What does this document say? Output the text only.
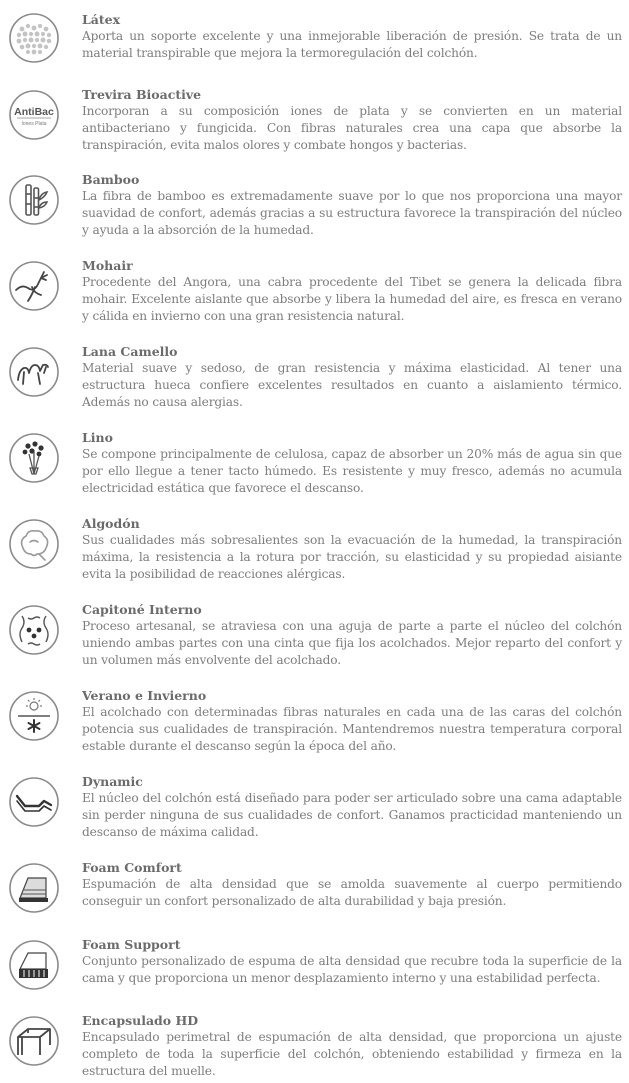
Látex
Aporta un soporte excelente y una inmejorable liberación de presión. Se trata de un material transpirable que mejora la termoregulación del colchón.
AntiBac
Iones Plata
Trevira Bioactive
Incorporan a su composición iones de plata y se convierten en un material antibacteriano y fungicida. Con fibras naturales crea una capa que absorbe la transpiración, evita malos olores y combate hongos y bacterias.
Bamboo
La fibra de bamboo es extremadamente suave por lo que nos proporciona una mayor suavidad de confort, además gracias a su estructura favorece la transpiración del núcleo y ayuda a la absorción de la humedad.
Mohair
Procedente del Angora, una cabra procedente del Tibet se genera la delicada fibra mohair. Excelente aislante que absorbe y libera la humedad del aire, es fresca en verano y cálida en invierno con una gran resistencia natural.
Lana Camello
Material suave y sedoso, de gran resistencia y máxima elasticidad. Al tener una estructura hueca confiere excelentes resultados en cuanto a aislamiento térmico. Además no causa alergias.
Lino
Se compone principalmente de celulosa, capaz de absorber un 20% más de agua sin que por ello llegue a tener tacto húmedo. Es resistente y muy fresco, además no acumula electricidad estática que favorece el descanso.
Algodón
Sus cualidades más sobresalientes son la evacuación de la humedad, la transpiración máxima, la resistencia a la rotura por tracción, su elasticidad y su propiedad aisiante evita la posibilidad de reacciones alérgicas.
Capitoné Interno
Proceso artesanal, se atraviesa con una aguja de parte a parte el núcleo del colchón uniendo ambas partes con una cinta que fija los acolchados. Mejor reparto del confort y un volumen más envolvente del acolchado.
Verano e Invierno
El acolchado con determinadas fibras naturales en cada una de las caras del colchón potencia sus cualidades de transpiración. Mantendremos nuestra temperatura corporal estable durante el descanso según la época del año.
Dynamic
El núcleo del colchón está diseñado para poder ser articulado sobre una cama adaptable sin perder ninguna de sus cualidades de confort. Ganamos practicidad manteniendo un descanso de máxima calidad.
Foam Comfort
Espumación de alta densidad que se amolda suavemente al cuerpo permitiendo conseguir un confort personalizado de alta durabilidad y baja presión.
Foam Support
Conjunto personalizado de espuma de alta densidad que recubre toda la superficie de la cama y que proporciona un menor desplazamiento interno y una estabilidad perfecta.
Encapsulado HD
Encapsulado perimetral de espumación de alta densidad, que proporciona un ajuste completo de toda la superficie del colchón, obteniendo estabilidad y firmeza en la estructura del muelle.
